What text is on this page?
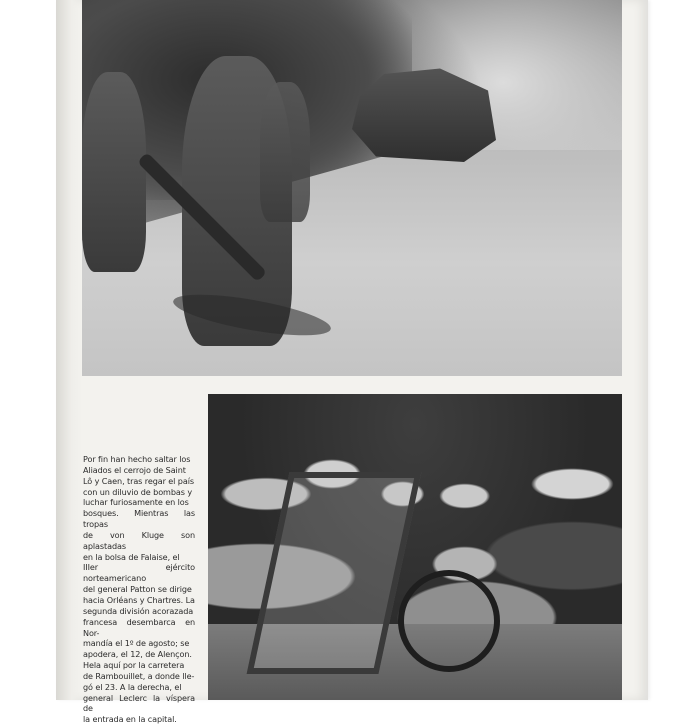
Por fin han hecho saltar los
Aliados el cerrojo de Saint
Lô y Caen, tras regar el país
con un diluvio de bombas y
luchar furiosamente en los
bosques. Mientras las tropas
de von Kluge son aplastadas
en la bolsa de Falaise, el
IIIer ejército norteamericano
del general Patton se dirige
hacia Orléans y Chartres. La
segunda división acorazada
francesa desembarca en Nor-
mandía el 1º de agosto; se
apodera, el 12, de Alençon.
Hela aquí por la carretera
de Rambouillet, a donde lle-
gó el 23. A la derecha, el
general Leclerc la víspera de
la entrada en la capital.
